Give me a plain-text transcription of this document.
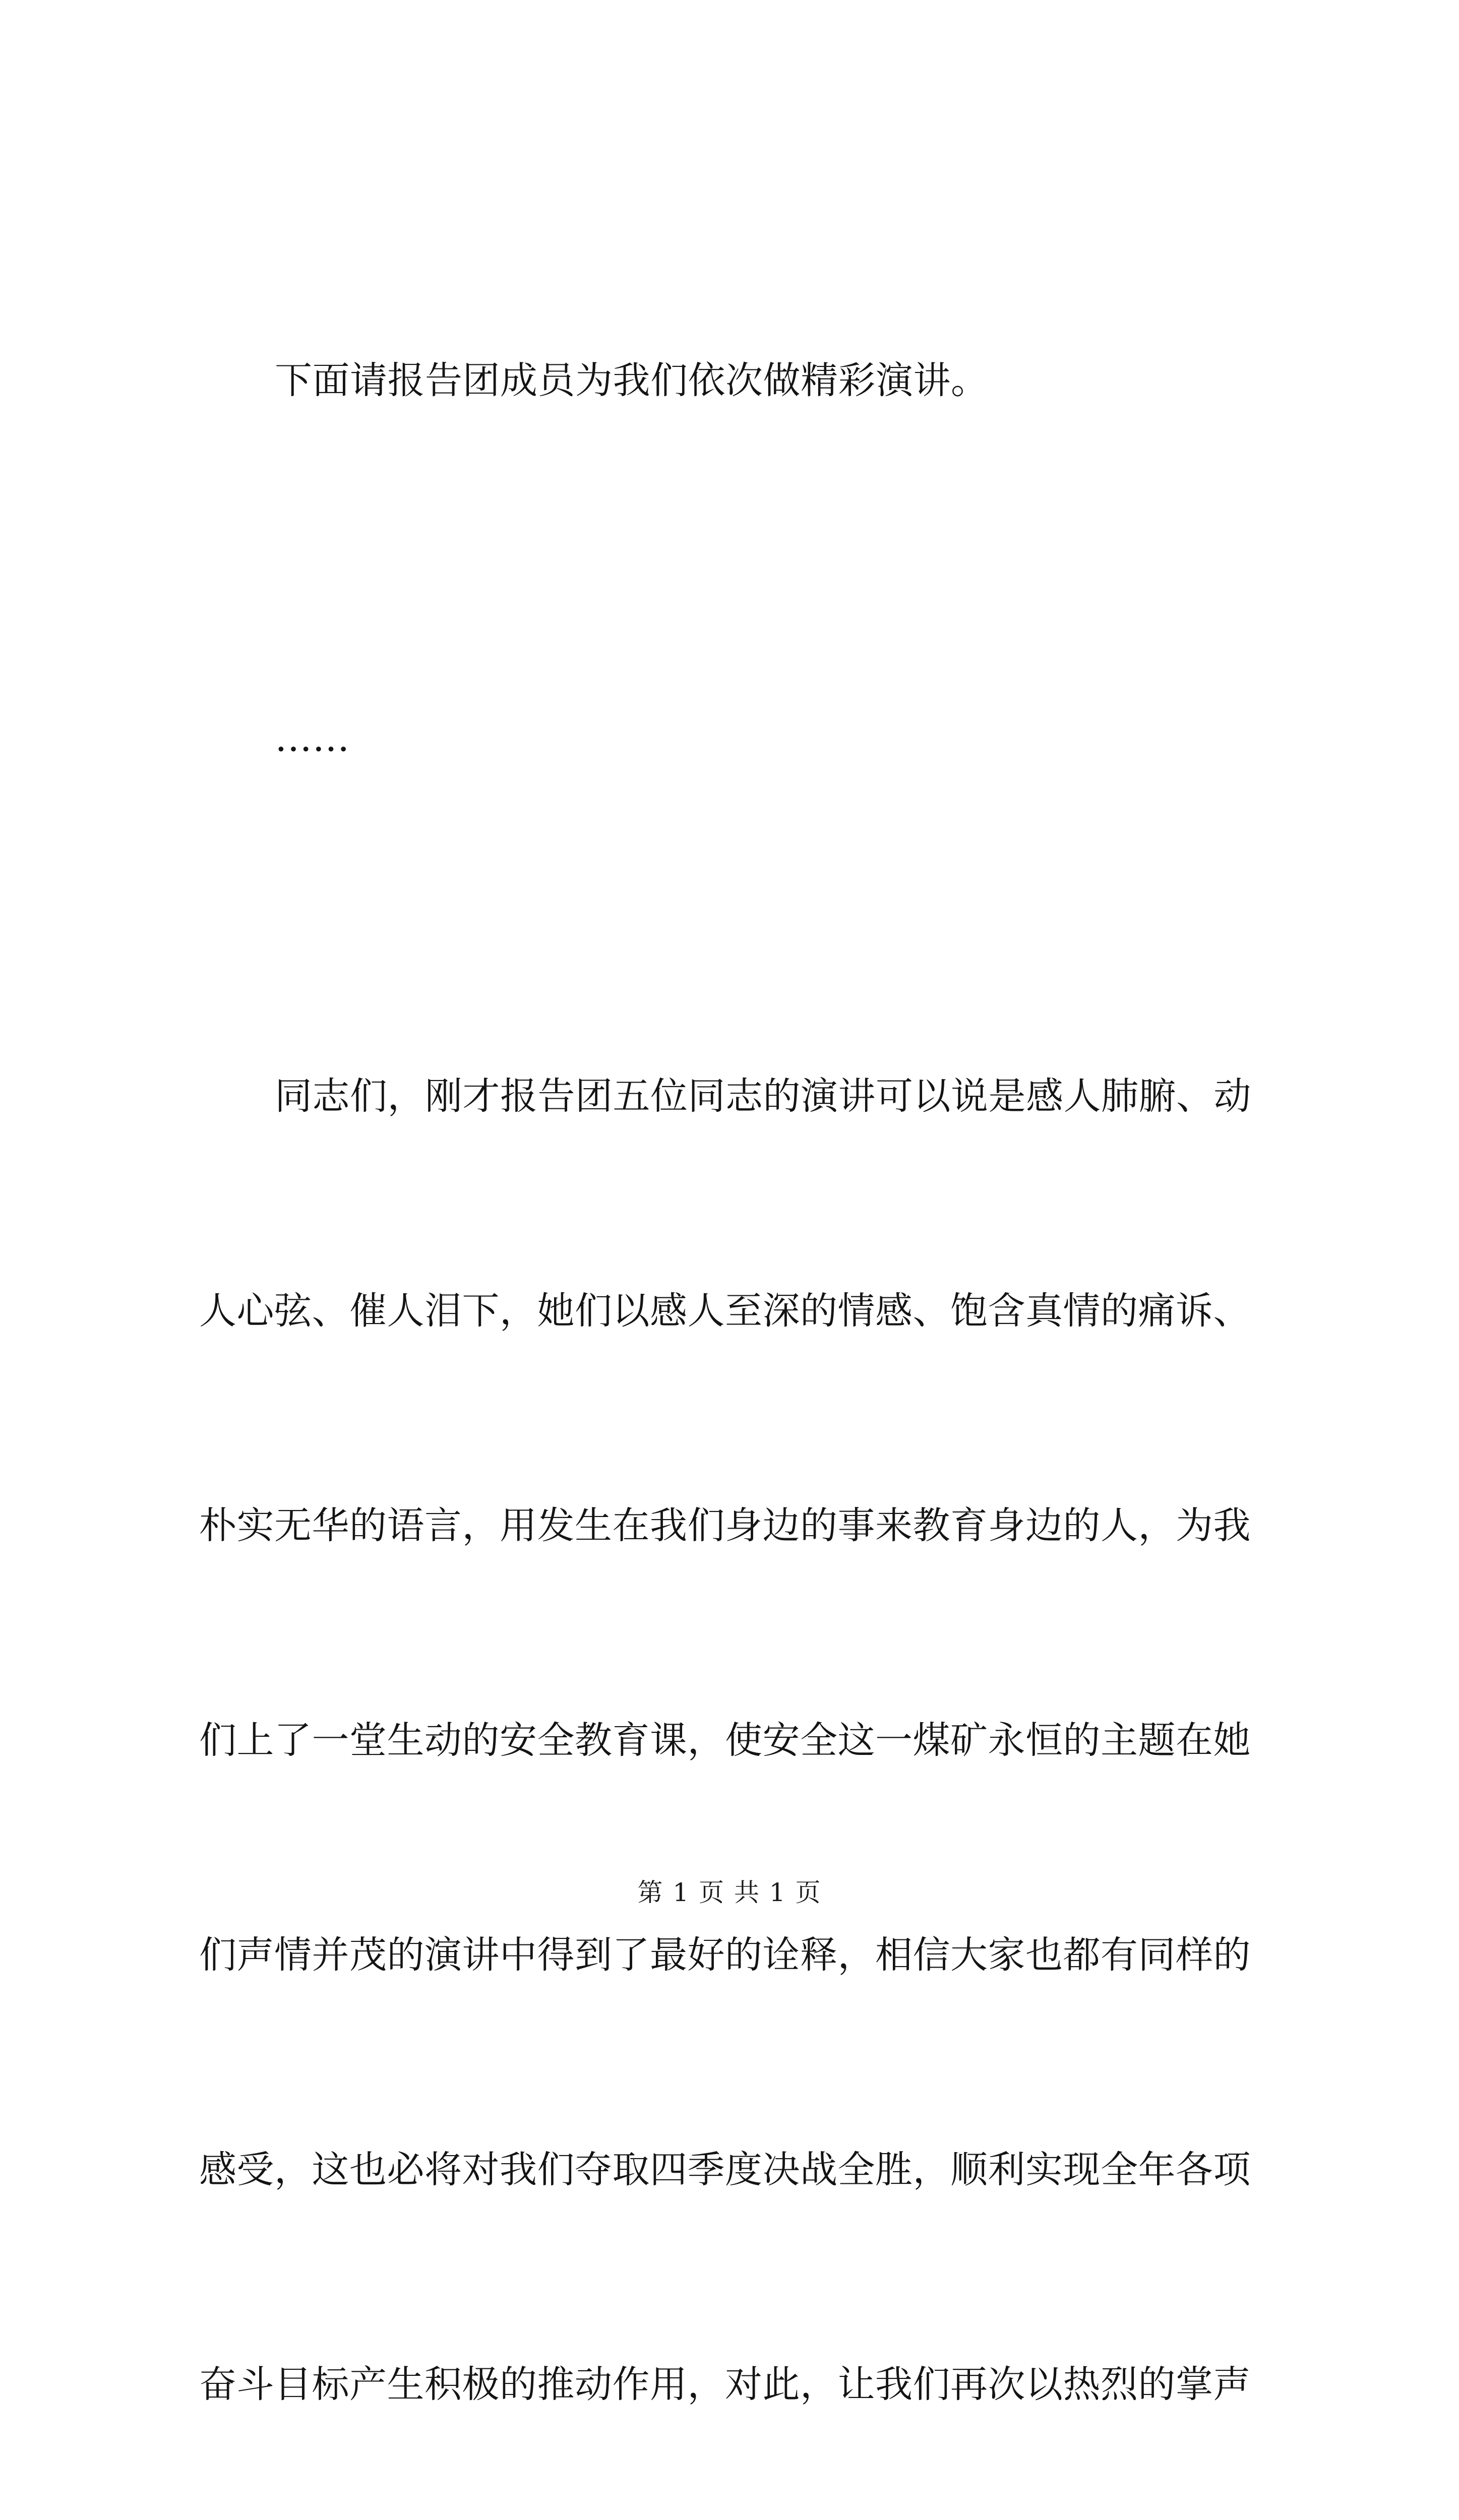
下面请报告团成员为我们依次做精彩演讲。

……

同志们，刚才报告团五位同志的演讲可以说是感人肺腑、动

人心弦、催人泪下，她们以感人至深的情感、饱含真情的痛诉、

朴实无华的语言，用发生在我们身边的事来教育身边的人，为我

们上了一堂生动的安全教育课，使安全这一煤矿永恒的主题在她

们声情并茂的演讲中得到了最好的诠释，相信大家也都有同样的

感受，这也必将对我们夺取四季度决战全胜，顺利实现全年各项

奋斗目标产生积极的推动作用，对此，让我们再次以热烈的掌声

第 1 页 共 1 页
